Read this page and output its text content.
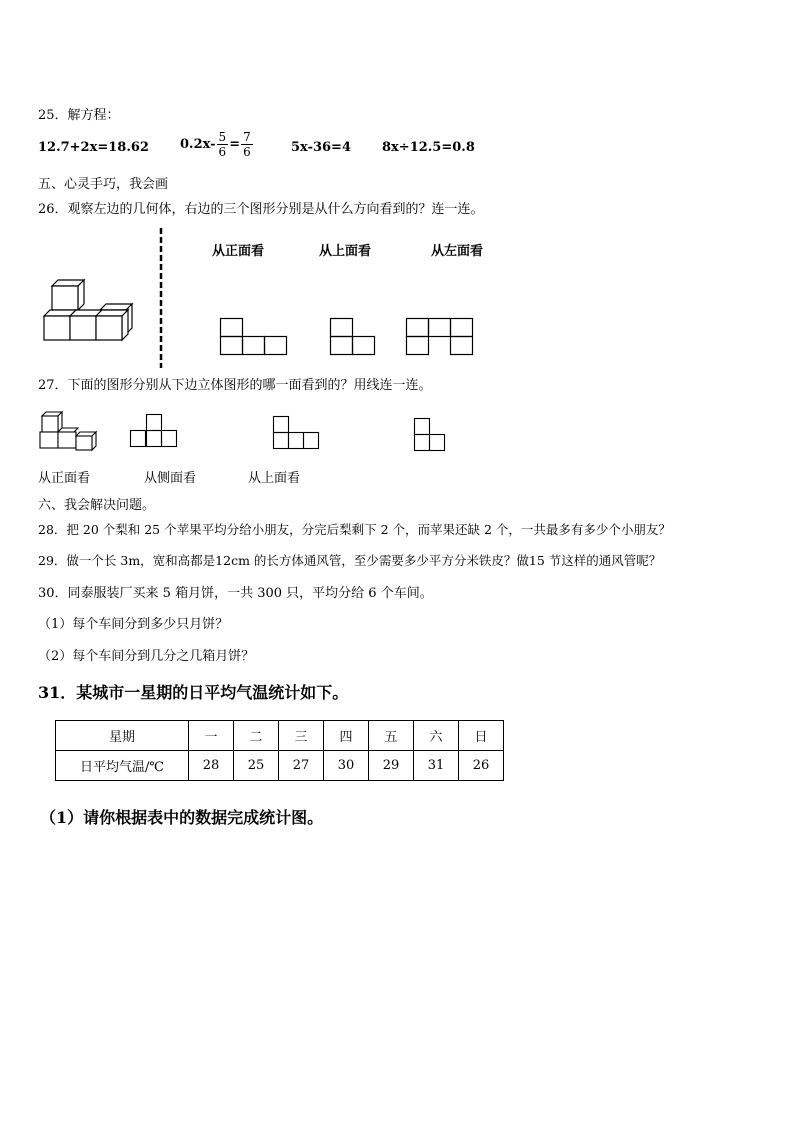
25．解方程：
12.7+2x=18.62 $0.2x- \frac{5}{6} = \frac{7}{6}$	5x-36=4 8x÷12.5=0.8
五、心灵手巧，我会画
26．观察左边的几何体，右边的三个图形分别是从什么方向看到的？连一连。
从正面看	从上面看	从左面看
27．下面的图形分别从下边立体图形的哪一面看到的？用线连一连。
从正面看	从侧面看	从上面看
六、我会解决问题。
28．把 20 个梨和 25 个苹果平均分给小朋友，分完后梨剩下 2 个，而苹果还缺 2 个，一共最多有多少个小朋友？
29．做一个长 3m，宽和高都是12cm 的长方体通风管，至少需要多少平方分米铁皮？做15 节这样的通风管呢？
30．同泰服装厂买来 5 箱月饼，一共 300 只，平均分给 6 个车间。
（1）每个车间分到多少只月饼？
（2）每个车间分到几分之几箱月饼？
31．某城市一星期的日平均气温统计如下。
星期	一	二	三	四	五	六	日
日平均气温/℃	28	25	27	30	29	31	26
（1）请你根据表中的数据完成统计图。
